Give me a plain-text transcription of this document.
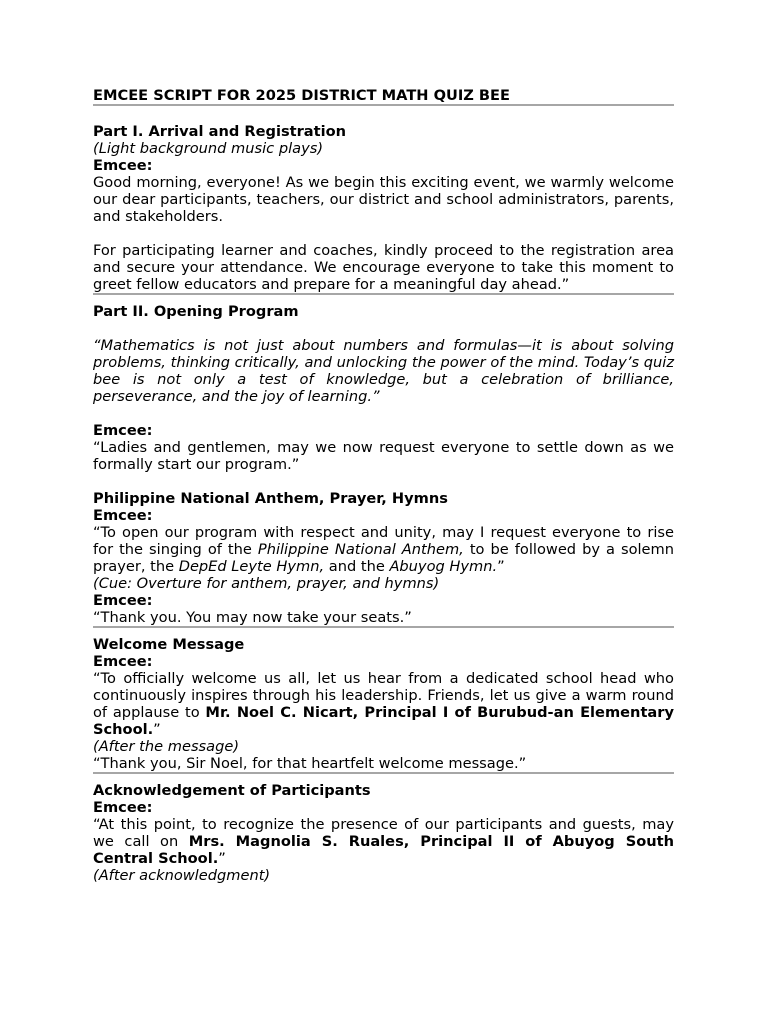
EMCEE SCRIPT FOR 2025 DISTRICT MATH QUIZ BEE

Part I. Arrival and Registration

(Light background music plays)

Emcee:

Good morning, everyone! As we begin this exciting event, we warmly welcome our dear participants, teachers, our district and school administrators, parents, and stakeholders.

For participating learner and coaches, kindly proceed to the registration area and secure your attendance. We encourage everyone to take this moment to greet fellow educators and prepare for a meaningful day ahead.”

Part II. Opening Program

“Mathematics is not just about numbers and formulas—it is about solving problems, thinking critically, and unlocking the power of the mind. Today’s quiz bee is not only a test of knowledge, but a celebration of brilliance, perseverance, and the joy of learning.”

Emcee:

“Ladies and gentlemen, may we now request everyone to settle down as we formally start our program.”

Philippine National Anthem, Prayer, Hymns

Emcee:

“To open our program with respect and unity, may I request everyone to rise for the singing of the Philippine National Anthem, to be followed by a solemn prayer, the DepEd Leyte Hymn, and the Abuyog Hymn.”

(Cue: Overture for anthem, prayer, and hymns)

Emcee:

“Thank you. You may now take your seats.”

Welcome Message

Emcee:

“To officially welcome us all, let us hear from a dedicated school head who continuously inspires through his leadership. Friends, let us give a warm round of applause to Mr. Noel C. Nicart, Principal I of Burubud-an Elementary School.”

(After the message)

“Thank you, Sir Noel, for that heartfelt welcome message.”

Acknowledgement of Participants

Emcee:

“At this point, to recognize the presence of our participants and guests, may we call on Mrs. Magnolia S. Ruales, Principal II of Abuyog South Central School.”

(After acknowledgment)
